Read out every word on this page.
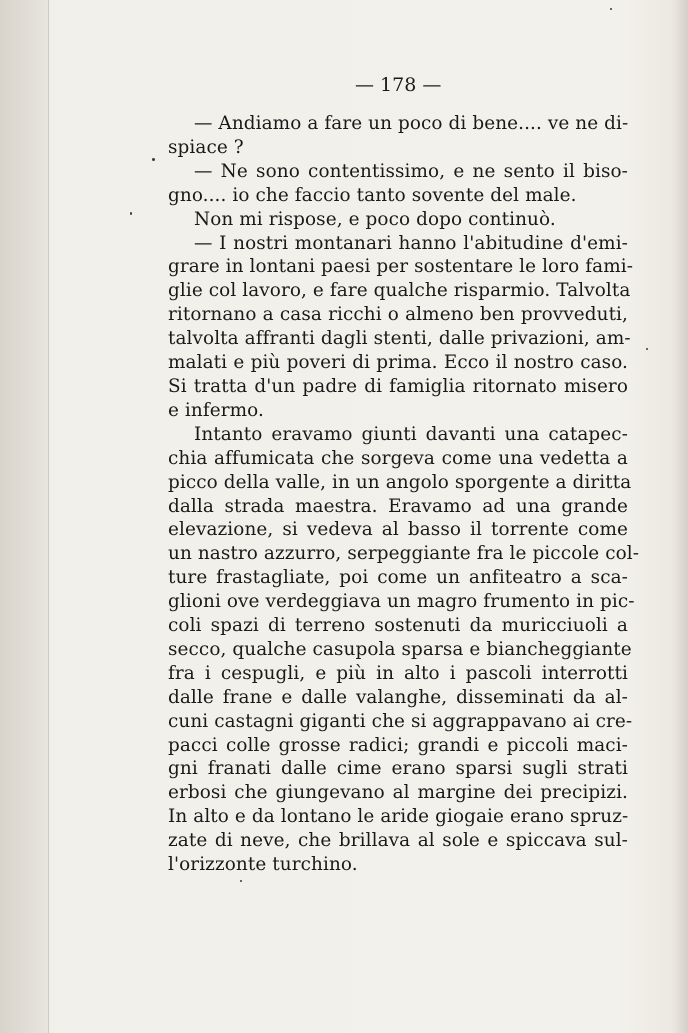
— 178 —
— Andiamo a fare un poco di bene.... ve ne di-
spiace ?
— Ne sono contentissimo, e ne sento il biso-
gno.... io che faccio tanto sovente del male.
Non mi rispose, e poco dopo continuò.
— I nostri montanari hanno l'abitudine d'emi-
grare in lontani paesi per sostentare le loro fami-
glie col lavoro, e fare qualche risparmio. Talvolta
ritornano a casa ricchi o almeno ben provveduti,
talvolta affranti dagli stenti, dalle privazioni, am-
malati e più poveri di prima. Ecco il nostro caso.
Si tratta d'un padre di famiglia ritornato misero
e infermo.
Intanto eravamo giunti davanti una catapec-
chia affumicata che sorgeva come una vedetta a
picco della valle, in un angolo sporgente a diritta
dalla strada maestra. Eravamo ad una grande
elevazione, si vedeva al basso il torrente come
un nastro azzurro, serpeggiante fra le piccole col-
ture frastagliate, poi come un anfiteatro a sca-
glioni ove verdeggiava un magro frumento in pic-
coli spazi di terreno sostenuti da muricciuoli a
secco, qualche casupola sparsa e biancheggiante
fra i cespugli, e più in alto i pascoli interrotti
dalle frane e dalle valanghe, disseminati da al-
cuni castagni giganti che si aggrappavano ai cre-
pacci colle grosse radici; grandi e piccoli maci-
gni franati dalle cime erano sparsi sugli strati
erbosi che giungevano al margine dei precipizi.
In alto e da lontano le aride giogaie erano spruz-
zate di neve, che brillava al sole e spiccava sul-
l'orizzonte turchino.
